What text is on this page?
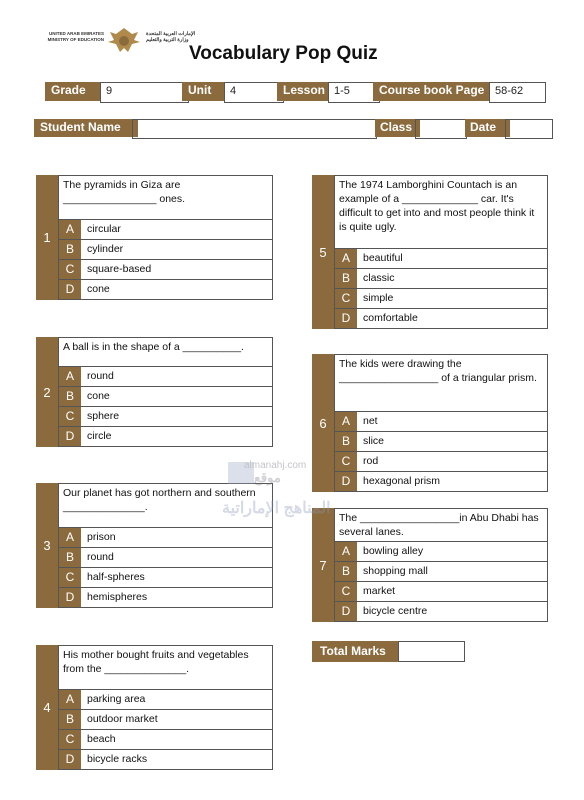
UNITED ARAB EMIRATES
MINISTRY OF EDUCATION
الإمارات العربية المتحدة
وزارة التربية والتعليم
Vocabulary Pop Quiz
Grade	9	Unit	4	Lesson 1-5	Course book Page 58-62
Student Name	Class	Date
1
The pyramids in Giza are ________________ ones.
A	circular
B	cylinder
C	square-based
D	cone
2
A ball is in the shape of a __________.
A	round
B	cone
C	sphere
D	circle
3
Our planet has got northern and southern ______________.
A	prison
B	round
C	half-spheres
D	hemispheres
4
His mother bought fruits and vegetables from the ______________.
A	parking area
B	outdoor market
C	beach
D	bicycle racks
5
The 1974 Lamborghini Countach is an example of a _____________ car. It's difficult to get into and most people think it is quite ugly.
A	beautiful
B	classic
C	simple
D	comfortable
6
The kids were drawing the _________________ of a triangular prism.
A	net
B	slice
C	rod
D	hexagonal prism
7
The _________________in Abu Dhabi has several lanes.
A	bowling alley
B	shopping mall
C	market
D	bicycle centre
almanahj.com
موقع
المناهج الإماراتية
Total Marks
